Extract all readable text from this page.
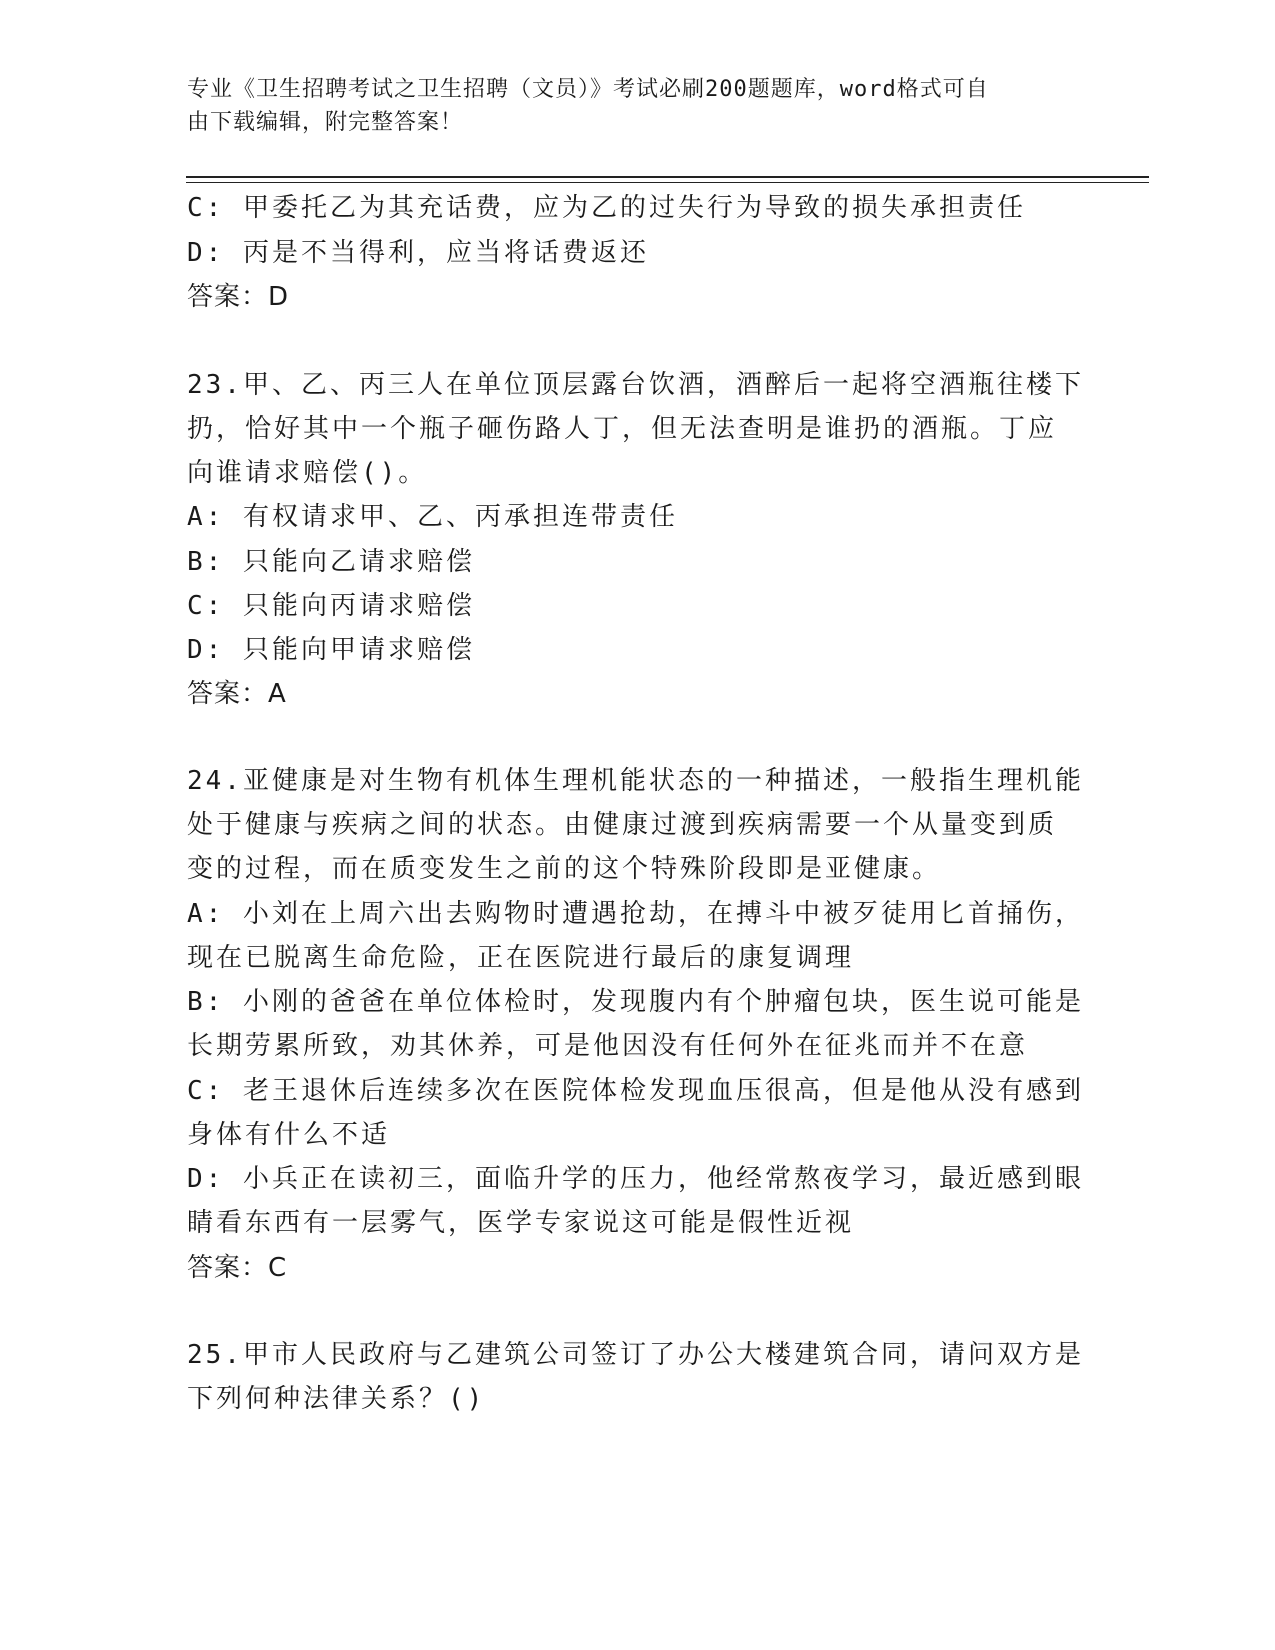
专业《卫生招聘考试之卫生招聘（文员）》考试必刷200题题库，word格式可自
由下载编辑，附完整答案！
C: 甲委托乙为其充话费，应为乙的过失行为导致的损失承担责任
D: 丙是不当得利，应当将话费返还
答案：D
23.甲、乙、丙三人在单位顶层露台饮酒，酒醉后一起将空酒瓶往楼下
扔，恰好其中一个瓶子砸伤路人丁，但无法查明是谁扔的酒瓶。丁应
向谁请求赔偿()。
A: 有权请求甲、乙、丙承担连带责任
B: 只能向乙请求赔偿
C: 只能向丙请求赔偿
D: 只能向甲请求赔偿
答案：A
24.亚健康是对生物有机体生理机能状态的一种描述，一般指生理机能
处于健康与疾病之间的状态。由健康过渡到疾病需要一个从量变到质
变的过程，而在质变发生之前的这个特殊阶段即是亚健康。
A: 小刘在上周六出去购物时遭遇抢劫，在搏斗中被歹徒用匕首捅伤，
现在已脱离生命危险，正在医院进行最后的康复调理
B: 小刚的爸爸在单位体检时，发现腹内有个肿瘤包块，医生说可能是
长期劳累所致，劝其休养，可是他因没有任何外在征兆而并不在意
C: 老王退休后连续多次在医院体检发现血压很高，但是他从没有感到
身体有什么不适
D: 小兵正在读初三，面临升学的压力，他经常熬夜学习，最近感到眼
睛看东西有一层雾气，医学专家说这可能是假性近视
答案：C
25.甲市人民政府与乙建筑公司签订了办公大楼建筑合同，请问双方是
下列何种法律关系？()
